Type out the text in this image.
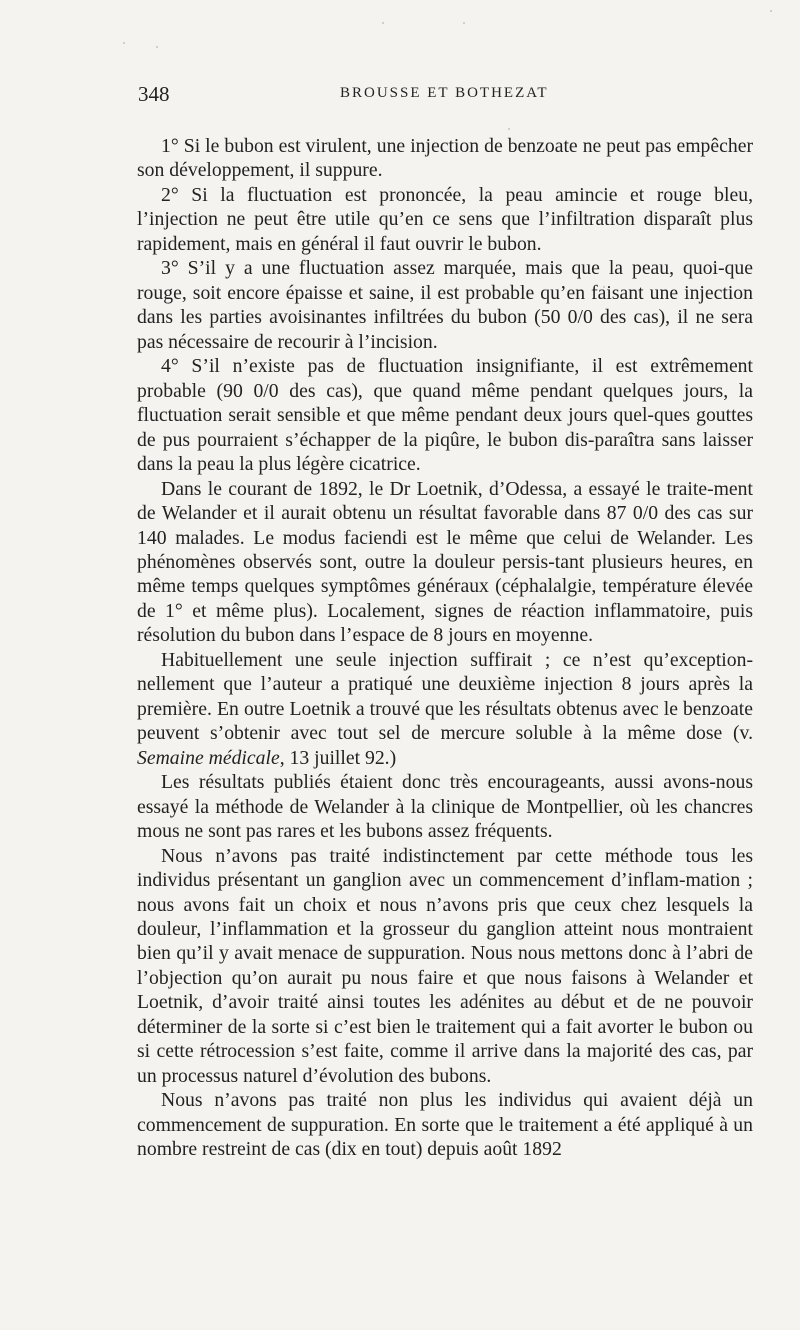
348	BROUSSE ET BOTHEZAT

1° Si le bubon est virulent, une injection de benzoate ne peut pas empêcher son développement, il suppure.

2° Si la fluctuation est prononcée, la peau amincie et rouge bleu, l’injection ne peut être utile qu’en ce sens que l’infiltration disparaît plus rapidement, mais en général il faut ouvrir le bubon.

3° S’il y a une fluctuation assez marquée, mais que la peau, quoi-que rouge, soit encore épaisse et saine, il est probable qu’en faisant une injection dans les parties avoisinantes infiltrées du bubon (50 0/0 des cas), il ne sera pas nécessaire de recourir à l’incision.

4° S’il n’existe pas de fluctuation insignifiante, il est extrêmement probable (90 0/0 des cas), que quand même pendant quelques jours, la fluctuation serait sensible et que même pendant deux jours quel-ques gouttes de pus pourraient s’échapper de la piqûre, le bubon dis-paraîtra sans laisser dans la peau la plus légère cicatrice.

Dans le courant de 1892, le Dr Loetnik, d’Odessa, a essayé le traite-ment de Welander et il aurait obtenu un résultat favorable dans 87 0/0 des cas sur 140 malades. Le modus faciendi est le même que celui de Welander. Les phénomènes observés sont, outre la douleur persis-tant plusieurs heures, en même temps quelques symptômes généraux (céphalalgie, température élevée de 1° et même plus). Localement, signes de réaction inflammatoire, puis résolution du bubon dans l’espace de 8 jours en moyenne.

Habituellement une seule injection suffirait ; ce n’est qu’exception-nellement que l’auteur a pratiqué une deuxième injection 8 jours après la première. En outre Loetnik a trouvé que les résultats obtenus avec le benzoate peuvent s’obtenir avec tout sel de mercure soluble à la même dose (v. Semaine médicale, 13 juillet 92.)

Les résultats publiés étaient donc très encourageants, aussi avons-nous essayé la méthode de Welander à la clinique de Montpellier, où les chancres mous ne sont pas rares et les bubons assez fréquents.

Nous n’avons pas traité indistinctement par cette méthode tous les individus présentant un ganglion avec un commencement d’inflam-mation ; nous avons fait un choix et nous n’avons pris que ceux chez lesquels la douleur, l’inflammation et la grosseur du ganglion atteint nous montraient bien qu’il y avait menace de suppuration. Nous nous mettons donc à l’abri de l’objection qu’on aurait pu nous faire et que nous faisons à Welander et Loetnik, d’avoir traité ainsi toutes les adénites au début et de ne pouvoir déterminer de la sorte si c’est bien le traitement qui a fait avorter le bubon ou si cette rétrocession s’est faite, comme il arrive dans la majorité des cas, par un processus naturel d’évolution des bubons.

Nous n’avons pas traité non plus les individus qui avaient déjà un commencement de suppuration. En sorte que le traitement a été appliqué à un nombre restreint de cas (dix en tout) depuis août 1892
